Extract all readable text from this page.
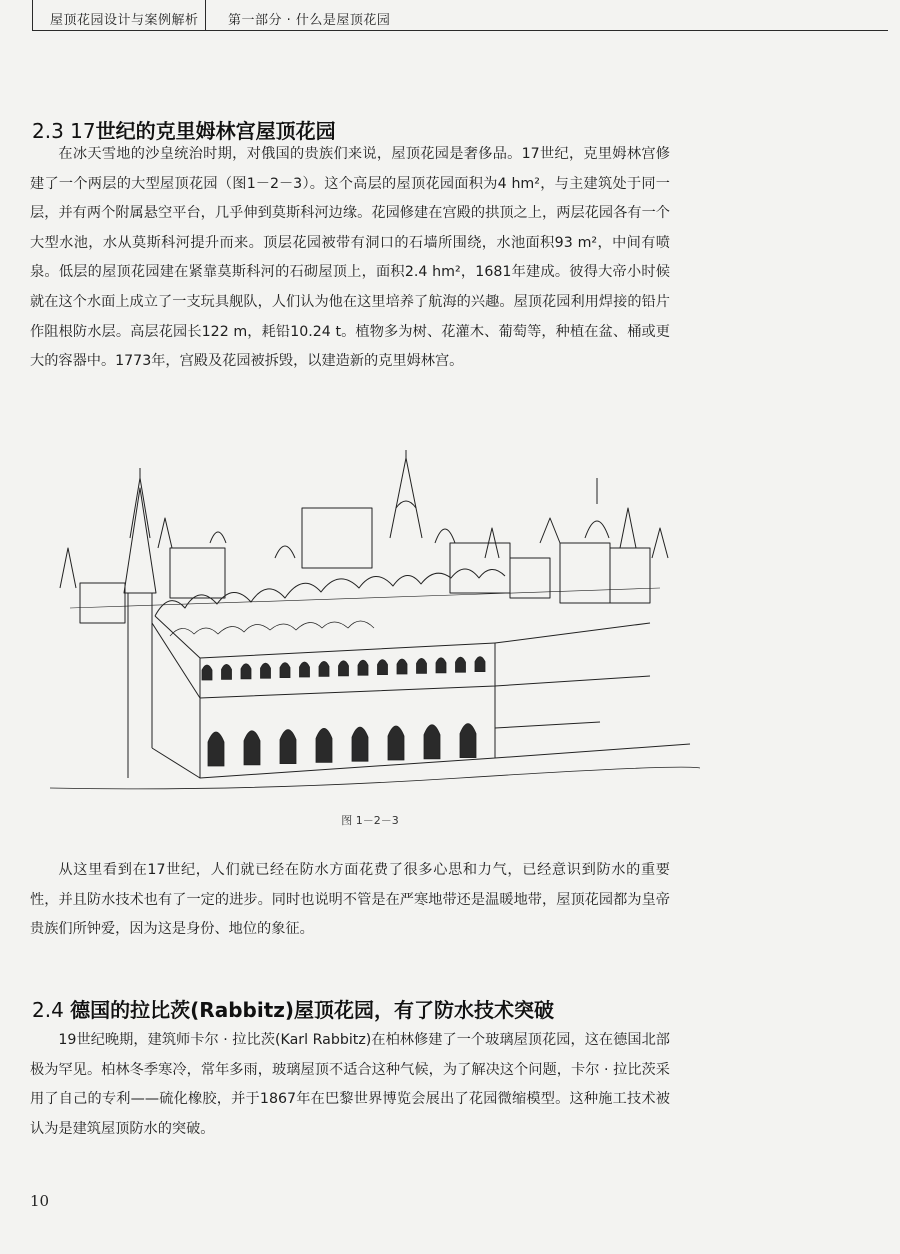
屋顶花园设计与案例解析 第一部分 · 什么是屋顶花园
2.3 17世纪的克里姆林宫屋顶花园
在冰天雪地的沙皇统治时期，对俄国的贵族们来说，屋顶花园是奢侈品。17世纪，克里姆林宫修建了一个两层的大型屋顶花园（图1－2－3）。这个高层的屋顶花园面积为4 hm²，与主建筑处于同一层，并有两个附属悬空平台，几乎伸到莫斯科河边缘。花园修建在宫殿的拱顶之上，两层花园各有一个大型水池，水从莫斯科河提升而来。顶层花园被带有洞口的石墙所围绕，水池面积93 m²，中间有喷泉。低层的屋顶花园建在紧靠莫斯科河的石砌屋顶上，面积2.4 hm²，1681年建成。彼得大帝小时候就在这个水面上成立了一支玩具舰队，人们认为他在这里培养了航海的兴趣。屋顶花园利用焊接的铅片作阻根防水层。高层花园长122 m，耗铅10.24 t。植物多为树、花灌木、葡萄等，种植在盆、桶或更大的容器中。1773年，宫殿及花园被拆毁，以建造新的克里姆林宫。
图 1－2－3
从这里看到在17世纪，人们就已经在防水方面花费了很多心思和力气，已经意识到防水的重要性，并且防水技术也有了一定的进步。同时也说明不管是在严寒地带还是温暖地带，屋顶花园都为皇帝贵族们所钟爱，因为这是身份、地位的象征。
2.4 德国的拉比茨(Rabbitz)屋顶花园，有了防水技术突破
19世纪晚期，建筑师卡尔 · 拉比茨(Karl Rabbitz)在柏林修建了一个玻璃屋顶花园，这在德国北部极为罕见。柏林冬季寒冷，常年多雨，玻璃屋顶不适合这种气候，为了解决这个问题，卡尔 · 拉比茨采用了自己的专利——硫化橡胶，并于1867年在巴黎世界博览会展出了花园微缩模型。这种施工技术被认为是建筑屋顶防水的突破。
10
